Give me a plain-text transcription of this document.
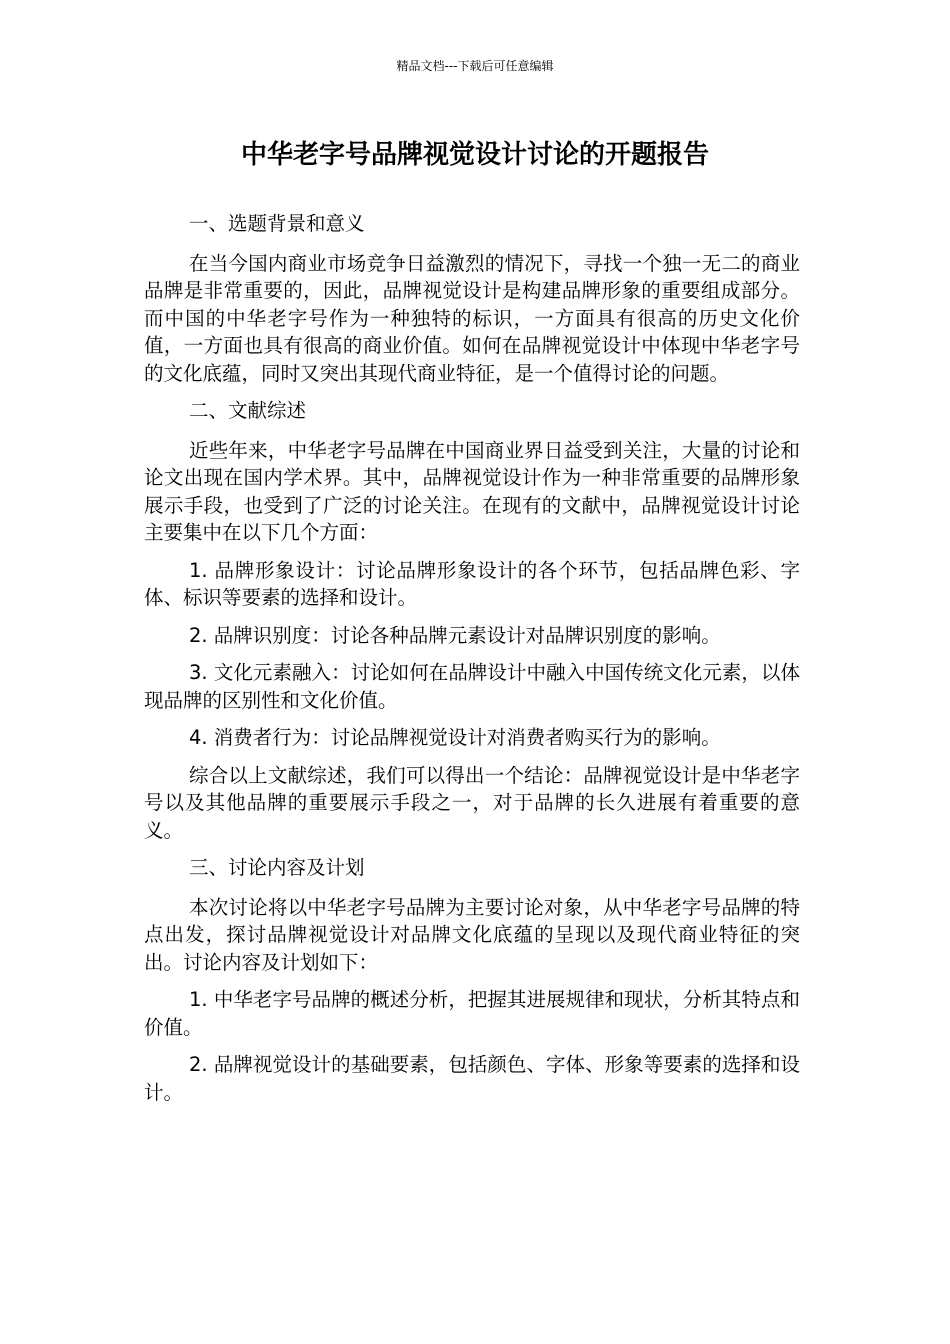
精品文档---下载后可任意编辑
中华老字号品牌视觉设计讨论的开题报告

一、选题背景和意义

在当今国内商业市场竞争日益激烈的情况下，寻找一个独一无二的商业品牌是非常重要的，因此，品牌视觉设计是构建品牌形象的重要组成部分。而中国的中华老字号作为一种独特的标识，一方面具有很高的历史文化价值，一方面也具有很高的商业价值。如何在品牌视觉设计中体现中华老字号的文化底蕴，同时又突出其现代商业特征，是一个值得讨论的问题。

二、文献综述

近些年来，中华老字号品牌在中国商业界日益受到关注，大量的讨论和论文出现在国内学术界。其中，品牌视觉设计作为一种非常重要的品牌形象展示手段，也受到了广泛的讨论关注。在现有的文献中，品牌视觉设计讨论主要集中在以下几个方面：

1. 品牌形象设计：讨论品牌形象设计的各个环节，包括品牌色彩、字体、标识等要素的选择和设计。

2. 品牌识别度：讨论各种品牌元素设计对品牌识别度的影响。

3. 文化元素融入：讨论如何在品牌设计中融入中国传统文化元素，以体现品牌的区别性和文化价值。

4. 消费者行为：讨论品牌视觉设计对消费者购买行为的影响。

综合以上文献综述，我们可以得出一个结论：品牌视觉设计是中华老字号以及其他品牌的重要展示手段之一，对于品牌的长久进展有着重要的意义。

三、讨论内容及计划

本次讨论将以中华老字号品牌为主要讨论对象，从中华老字号品牌的特点出发，探讨品牌视觉设计对品牌文化底蕴的呈现以及现代商业特征的突出。讨论内容及计划如下：

1. 中华老字号品牌的概述分析，把握其进展规律和现状，分析其特点和价值。

2. 品牌视觉设计的基础要素，包括颜色、字体、形象等要素的选择和设计。
